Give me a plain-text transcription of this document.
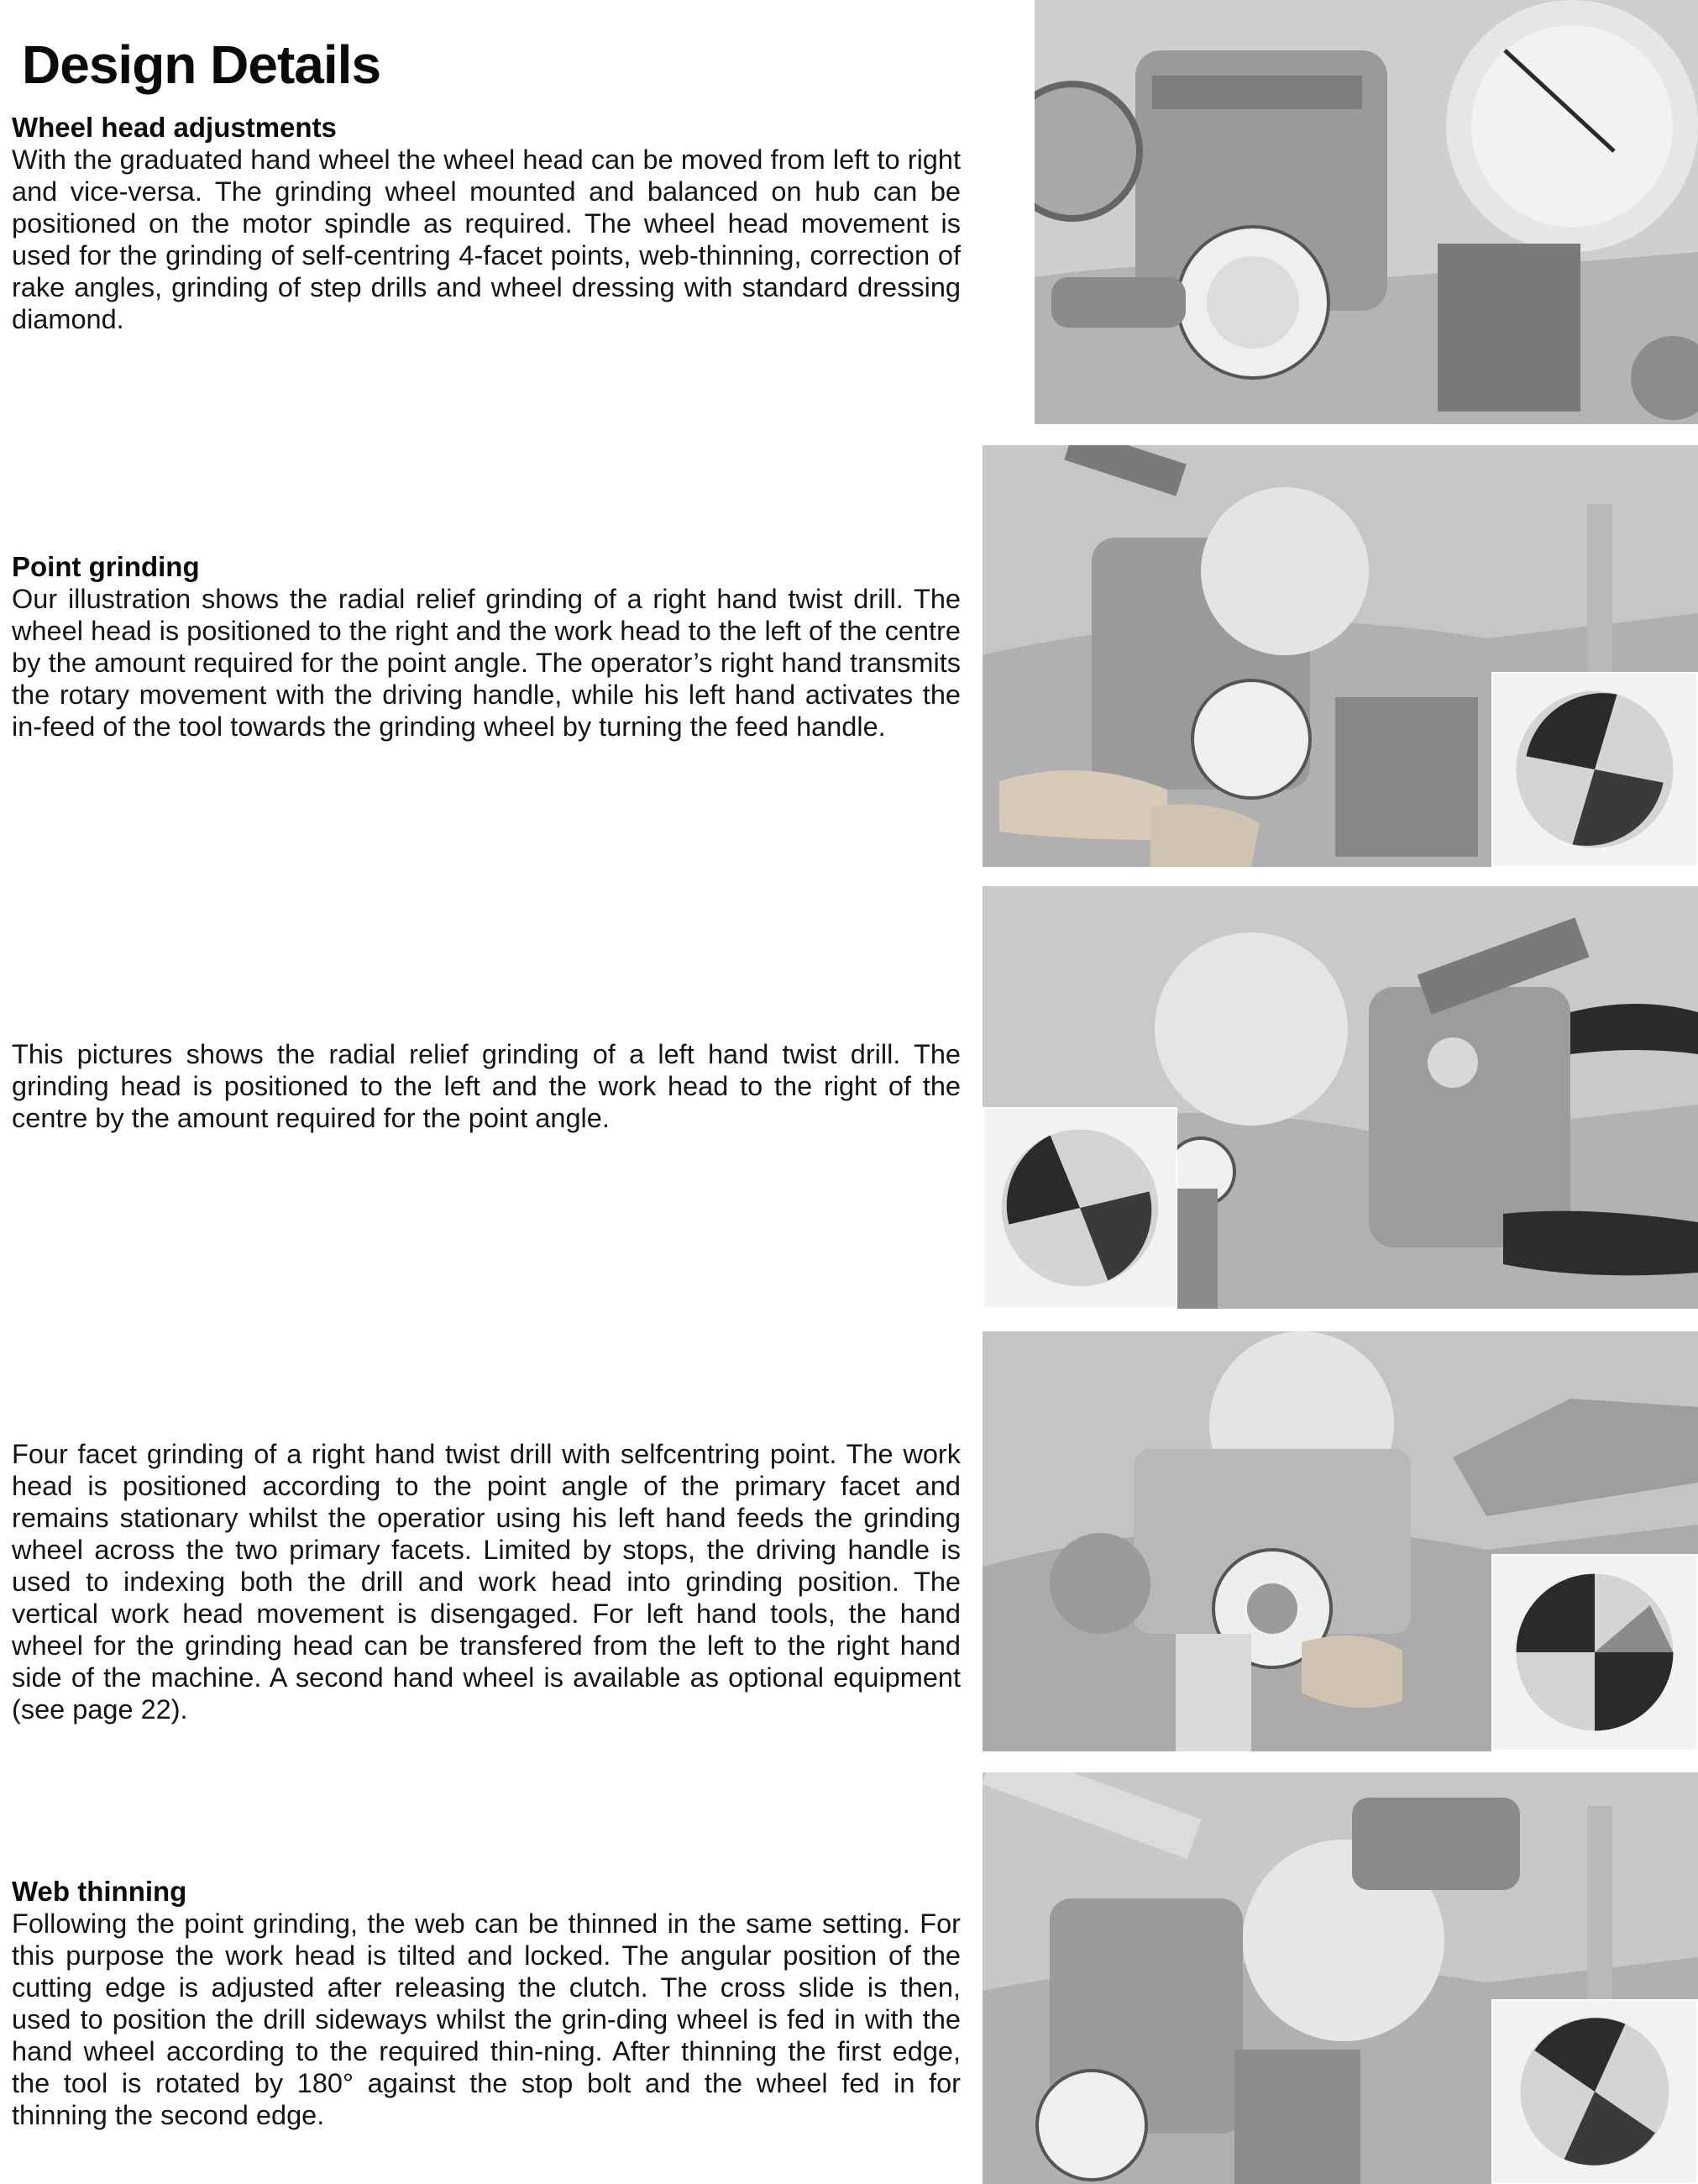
Design Details
Wheel head adjustments

With the graduated hand wheel the wheel head can be moved from left to right and vice-versa. The grinding wheel mounted and balanced on hub can be positioned on the motor spindle as required. The wheel head movement is used for the grinding of self-centring 4-facet points, web-thinning, correction of rake angles, grinding of step drills and wheel dressing with standard dressing diamond.

Point grinding

Our illustration shows the radial relief grinding of a right hand twist drill. The wheel head is positioned to the right and the work head to the left of the centre by the amount required for the point angle. The operator’s right hand transmits the rotary movement with the driving handle, while his left hand activates the in-feed of the tool towards the grinding wheel by turning the feed handle.

This pictures shows the radial relief grinding of a left hand twist drill. The grinding head is positioned to the left and the work head to the right of the centre by the amount required for the point angle.

Four facet grinding of a right hand twist drill with selfcentring point. The work head is positioned according to the point angle of the primary facet and remains stationary whilst the operatior using his left hand feeds the grinding wheel across the two primary facets. Limited by stops, the driving handle is used to indexing both the drill and work head into grinding position. The vertical work head movement is disengaged. For left hand tools, the hand wheel for the grinding head can be transfered from the left to the right hand side of the machine. A second hand wheel is available as optional equipment (see page 22).

Web thinning

Following the point grinding, the web can be thinned in the same setting. For this purpose the work head is tilted and locked. The angular position of the cutting edge is adjusted after releasing the clutch. The cross slide is then, used to position the drill sideways whilst the grin-ding wheel is fed in with the hand wheel according to the required thin-ning. After thinning the first edge, the tool is rotated by 180° against the stop bolt and the wheel fed in for thinning the second edge.
